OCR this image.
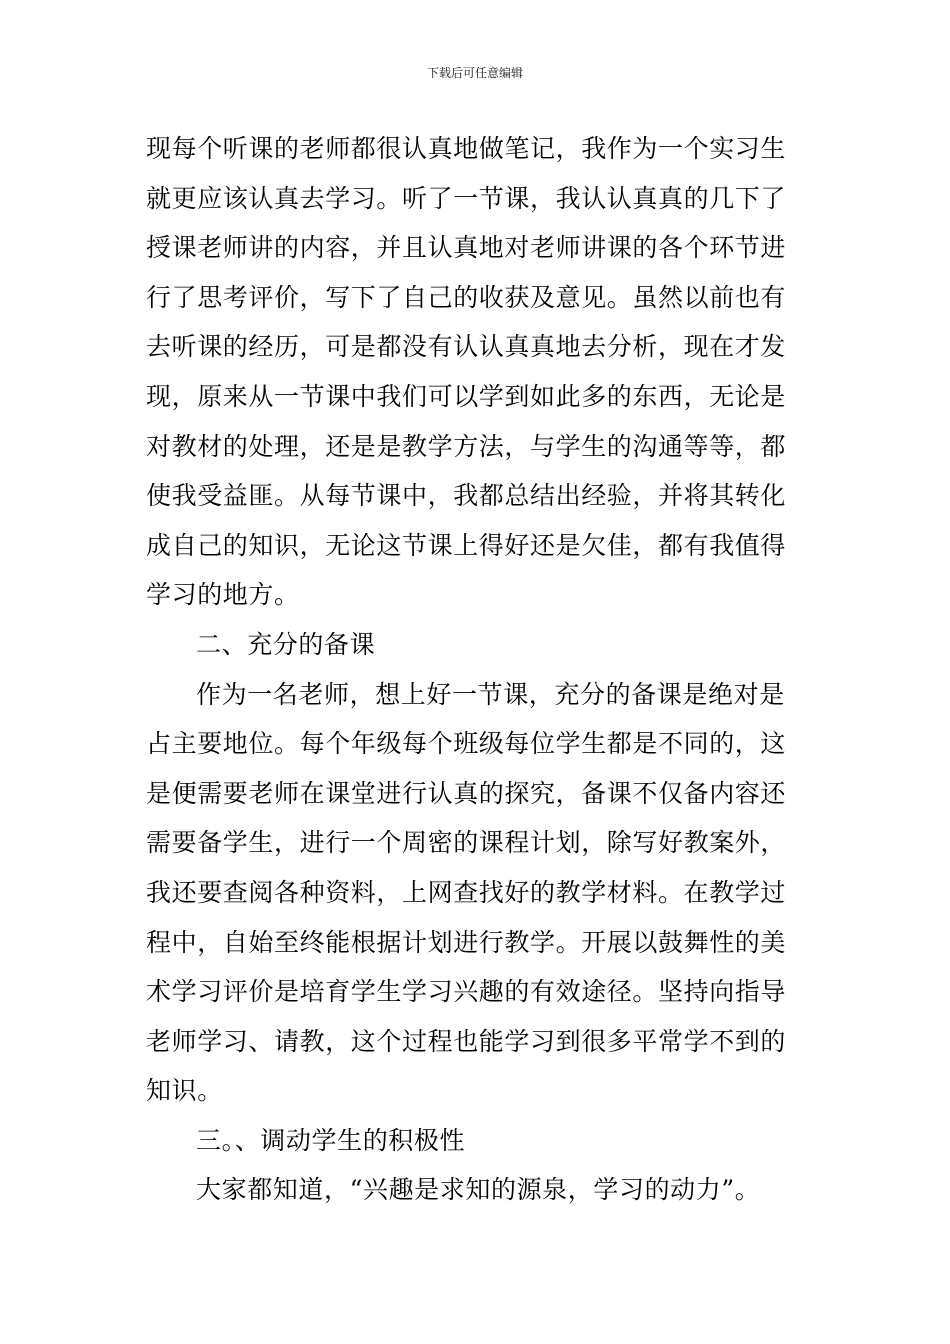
下载后可任意编辑
现每个听课的老师都很认真地做笔记，我作为一个实习生
就更应该认真去学习。听了一节课，我认认真真的几下了
授课老师讲的内容，并且认真地对老师讲课的各个环节进
行了思考评价，写下了自己的收获及意见。虽然以前也有
去听课的经历，可是都没有认认真真地去分析，现在才发
现，原来从一节课中我们可以学到如此多的东西，无论是
对教材的处理，还是是教学方法，与学生的沟通等等，都
使我受益匪。从每节课中，我都总结出经验，并将其转化
成自己的知识，无论这节课上得好还是欠佳，都有我值得
学习的地方。
二、充分的备课
作为一名老师，想上好一节课，充分的备课是绝对是
占主要地位。每个年级每个班级每位学生都是不同的，这
是便需要老师在课堂进行认真的探究，备课不仅备内容还
需要备学生，进行一个周密的课程计划，除写好教案外，
我还要查阅各种资料，上网查找好的教学材料。在教学过
程中，自始至终能根据计划进行教学。开展以鼓舞性的美
术学习评价是培育学生学习兴趣的有效途径。坚持向指导
老师学习、请教，这个过程也能学习到很多平常学不到的
知识。
三。、调动学生的积极性
大家都知道，“兴趣是求知的源泉，学习的动力”。
